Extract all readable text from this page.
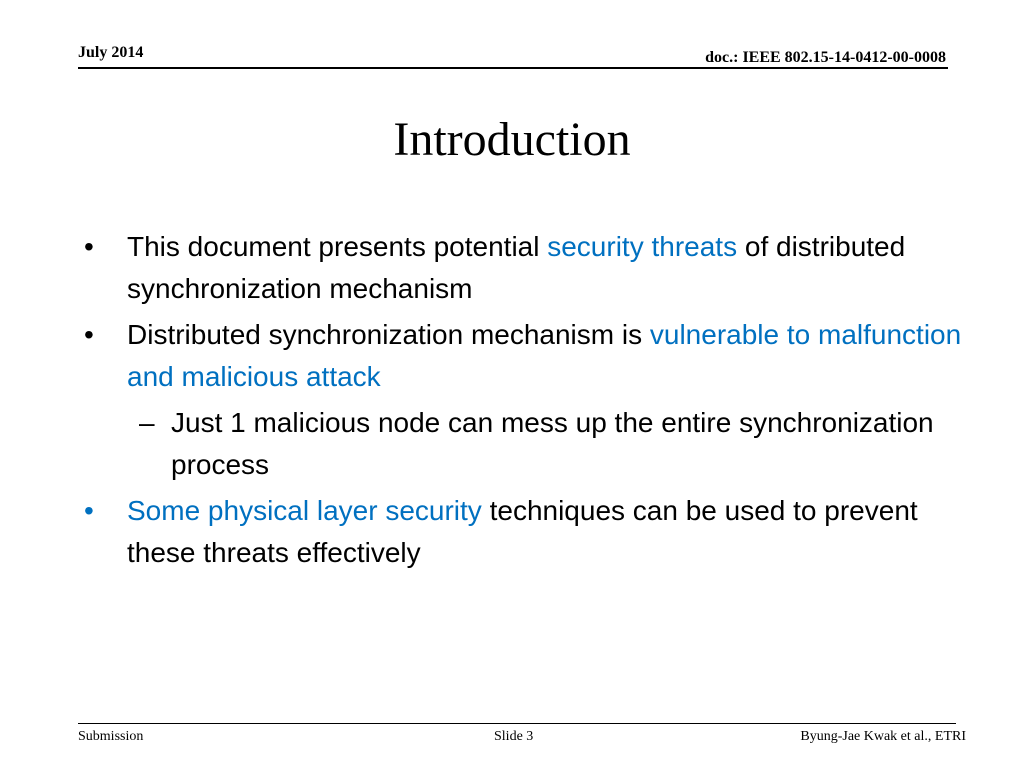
July 2014	doc.: IEEE 802.15-14-0412-00-0008
Introduction
•	This document presents potential security threats of distributed synchronization mechanism
•	Distributed synchronization mechanism is vulnerable to malfunction and malicious attack
– Just 1 malicious node can mess up the entire synchronization process
•	Some physical layer security techniques can be used to prevent these threats effectively
Submission	Slide 3	Byung-Jae Kwak et al., ETRI
